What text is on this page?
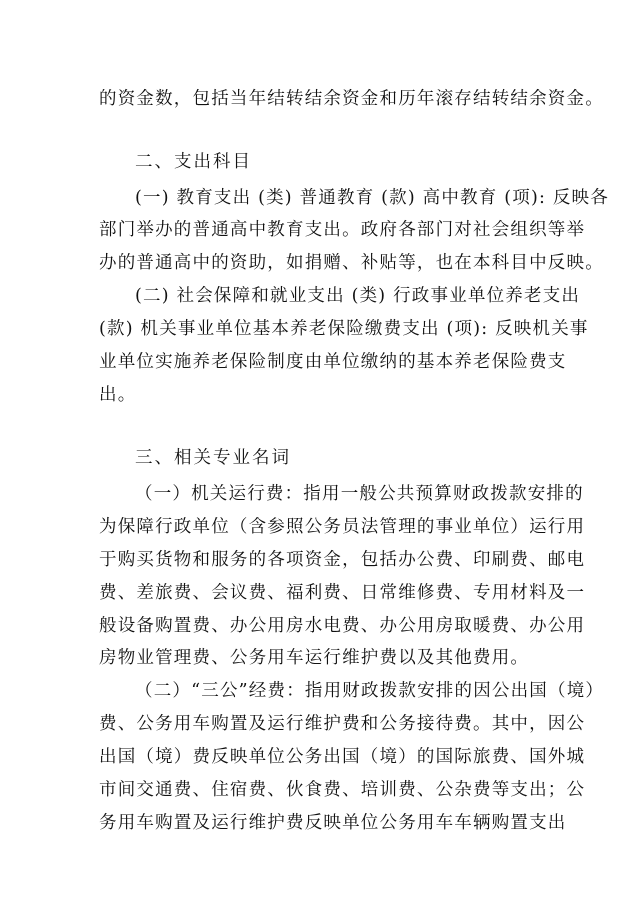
的资金数，包括当年结转结余资金和历年滚存结转结余资金。
二、支出科目
(一) 教育支出 (类) 普通教育 (款) 高中教育 (项): 反映各
部门举办的普通高中教育支出。政府各部门对社会组织等举
办的普通高中的资助，如捐赠、补贴等，也在本科目中反映。
(二) 社会保障和就业支出 (类) 行政事业单位养老支出
(款) 机关事业单位基本养老保险缴费支出 (项): 反映机关事
业单位实施养老保险制度由单位缴纳的基本养老保险费支
出。
三、相关专业名词
（一）机关运行费：指用一般公共预算财政拨款安排的
为保障行政单位（含参照公务员法管理的事业单位）运行用
于购买货物和服务的各项资金，包括办公费、印刷费、邮电
费、差旅费、会议费、福利费、日常维修费、专用材料及一
般设备购置费、办公用房水电费、办公用房取暖费、办公用
房物业管理费、公务用车运行维护费以及其他费用。
（二）“三公”经费：指用财政拨款安排的因公出国（境）
费、公务用车购置及运行维护费和公务接待费。其中，因公
出国（境）费反映单位公务出国（境）的国际旅费、国外城
市间交通费、住宿费、伙食费、培训费、公杂费等支出；公
务用车购置及运行维护费反映单位公务用车车辆购置支出
